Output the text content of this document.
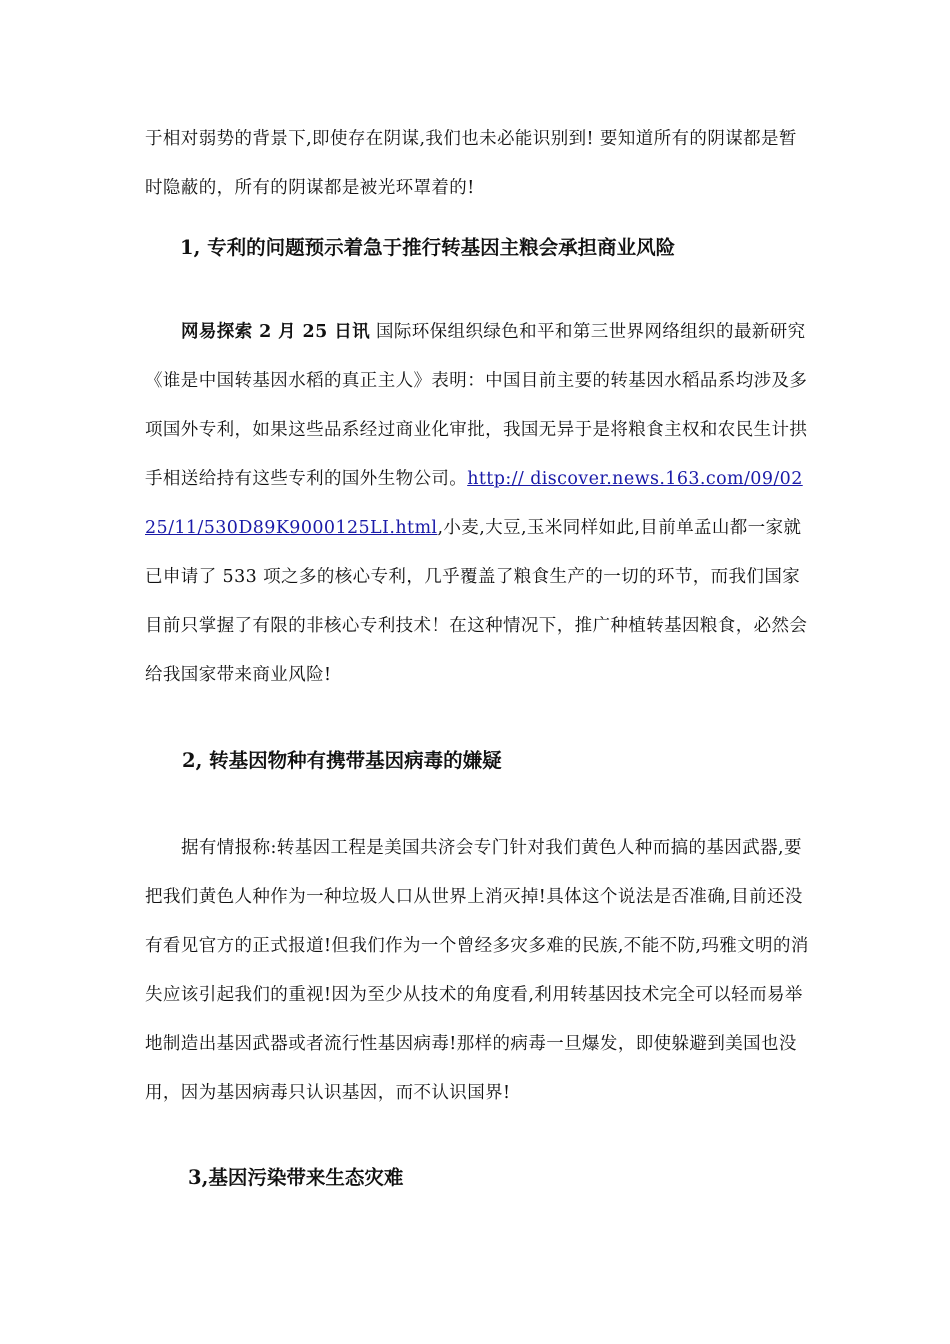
于相对弱势的背景下,即使存在阴谋,我们也未必能识别到! 要知道所有的阴谋都是暂时隐蔽的，所有的阴谋都是被光环罩着的!

1, 专利的问题预示着急于推行转基因主粮会承担商业风险

网易探索 2 月 25 日讯 国际环保组织绿色和平和第三世界网络组织的最新研究《谁是中国转基因水稻的真正主人》表明：中国目前主要的转基因水稻品系均涉及多项国外专利，如果这些品系经过商业化审批，我国无异于是将粮食主权和农民生计拱手相送给持有这些专利的国外生物公司。http:// discover.news.163.com/09/0225/11/530D89K9000125LI.html,小麦,大豆,玉米同样如此,目前单孟山都一家就已申请了 533 项之多的核心专利，几乎覆盖了粮食生产的一切的环节，而我们国家目前只掌握了有限的非核心专利技术！在这种情况下，推广种植转基因粮食，必然会给我国家带来商业风险!

2, 转基因物种有携带基因病毒的嫌疑

据有情报称:转基因工程是美国共济会专门针对我们黄色人种而搞的基因武器,要把我们黄色人种作为一种垃圾人口从世界上消灭掉!具体这个说法是否准确,目前还没有看见官方的正式报道!但我们作为一个曾经多灾多难的民族,不能不防,玛雅文明的消失应该引起我们的重视!因为至少从技术的角度看,利用转基因技术完全可以轻而易举地制造出基因武器或者流行性基因病毒!那样的病毒一旦爆发，即使躲避到美国也没用，因为基因病毒只认识基因，而不认识国界!

3,基因污染带来生态灾难
